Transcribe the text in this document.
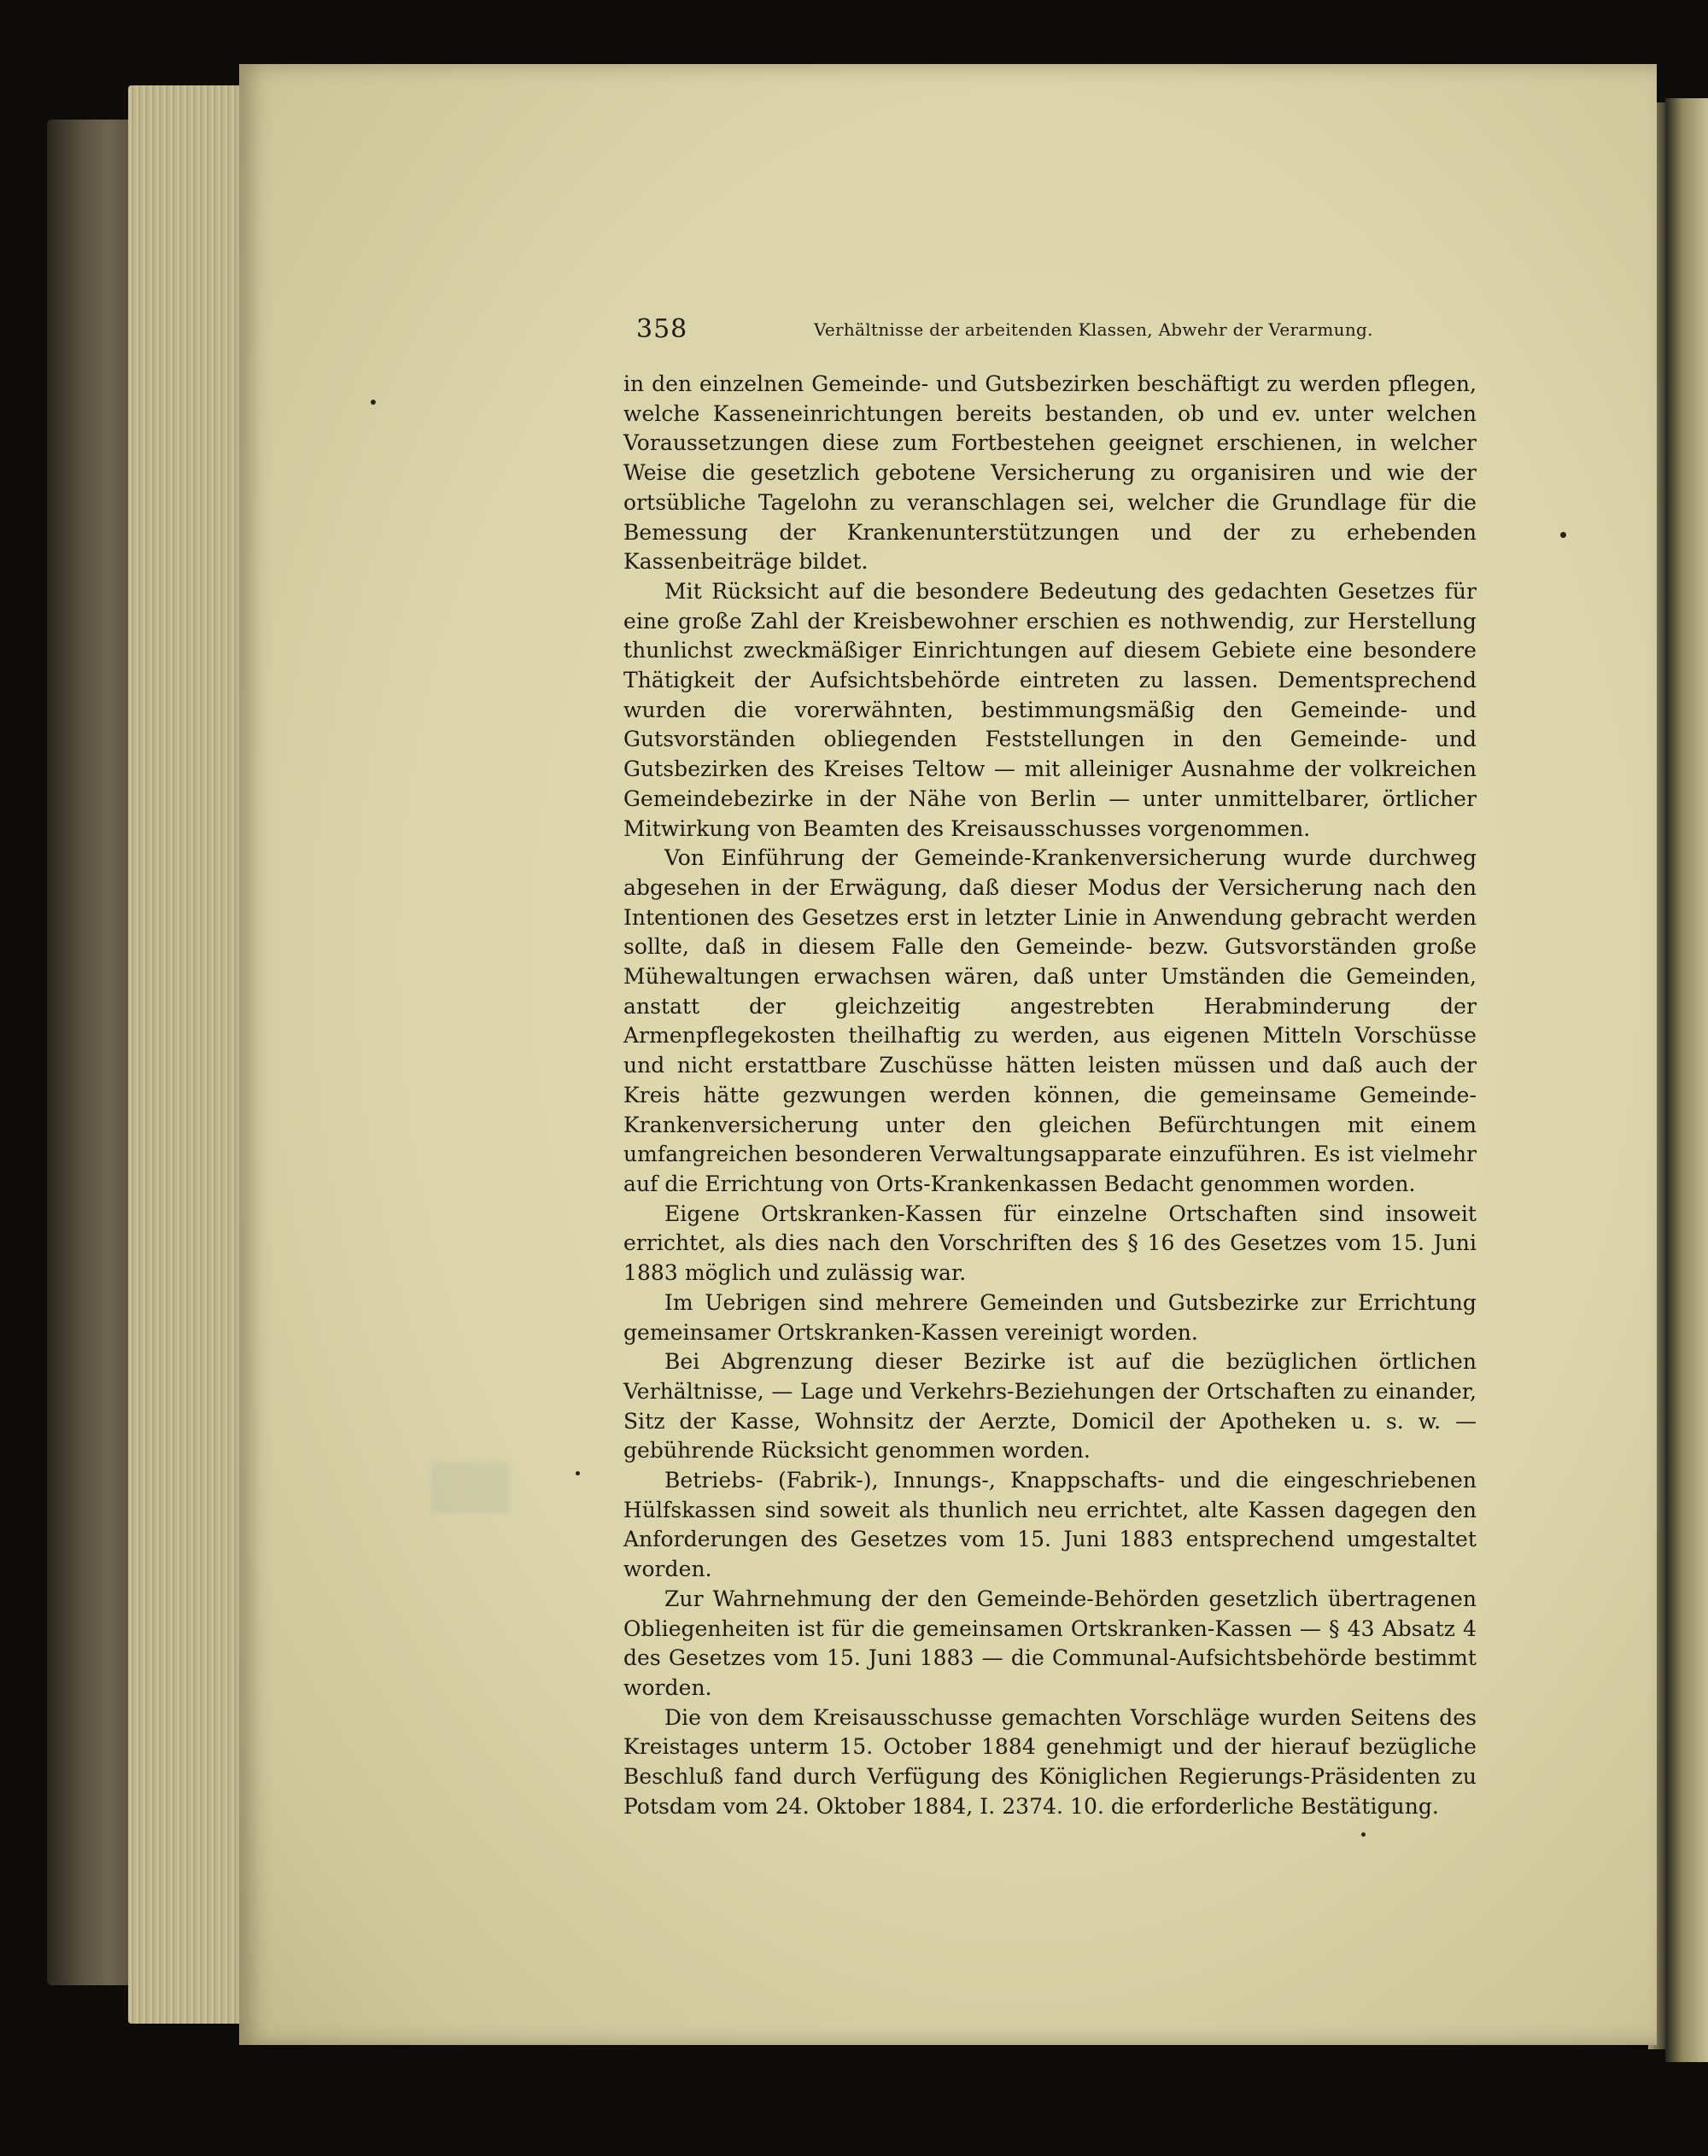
358	Verhältnisse der arbeitenden Klassen, Abwehr der Verarmung.

in den einzelnen Gemeinde- und Gutsbezirken beschäftigt zu werden pflegen, welche Kasseneinrichtungen bereits bestanden, ob und ev. unter welchen Voraussetzungen diese zum Fortbestehen geeignet erschienen, in welcher Weise die gesetzlich gebotene Versicherung zu organisiren und wie der ortsübliche Tagelohn zu veranschlagen sei, welcher die Grundlage für die Bemessung der Krankenunterstützungen und der zu erhebenden Kassenbeiträge bildet.

Mit Rücksicht auf die besondere Bedeutung des gedachten Gesetzes für eine große Zahl der Kreisbewohner erschien es nothwendig, zur Herstellung thunlichst zweckmäßiger Einrichtungen auf diesem Gebiete eine besondere Thätigkeit der Aufsichtsbehörde eintreten zu lassen. Dementsprechend wurden die vorerwähnten, bestimmungsmäßig den Gemeinde- und Gutsvorständen obliegenden Feststellungen in den Gemeinde- und Gutsbezirken des Kreises Teltow — mit alleiniger Ausnahme der volkreichen Gemeindebezirke in der Nähe von Berlin — unter unmittelbarer, örtlicher Mitwirkung von Beamten des Kreisausschusses vorgenommen.

Von Einführung der Gemeinde-Krankenversicherung wurde durchweg abgesehen in der Erwägung, daß dieser Modus der Versicherung nach den Intentionen des Gesetzes erst in letzter Linie in Anwendung gebracht werden sollte, daß in diesem Falle den Gemeinde- bezw. Gutsvorständen große Mühewaltungen erwachsen wären, daß unter Umständen die Gemeinden, anstatt der gleichzeitig angestrebten Herabminderung der Armenpflegekosten theilhaftig zu werden, aus eigenen Mitteln Vorschüsse und nicht erstattbare Zuschüsse hätten leisten müssen und daß auch der Kreis hätte gezwungen werden können, die gemeinsame Gemeinde-Krankenversicherung unter den gleichen Befürchtungen mit einem umfangreichen besonderen Verwaltungsapparate einzuführen. Es ist vielmehr auf die Errichtung von Orts-Krankenkassen Bedacht genommen worden.

Eigene Ortskranken-Kassen für einzelne Ortschaften sind insoweit errichtet, als dies nach den Vorschriften des § 16 des Gesetzes vom 15. Juni 1883 möglich und zulässig war.

Im Uebrigen sind mehrere Gemeinden und Gutsbezirke zur Errichtung gemeinsamer Ortskranken-Kassen vereinigt worden.

Bei Abgrenzung dieser Bezirke ist auf die bezüglichen örtlichen Verhältnisse, — Lage und Verkehrs-Beziehungen der Ortschaften zu einander, Sitz der Kasse, Wohnsitz der Aerzte, Domicil der Apotheken u. s. w. — gebührende Rücksicht genommen worden.

Betriebs- (Fabrik-), Innungs-, Knappschafts- und die eingeschriebenen Hülfskassen sind soweit als thunlich neu errichtet, alte Kassen dagegen den Anforderungen des Gesetzes vom 15. Juni 1883 entsprechend umgestaltet worden.

Zur Wahrnehmung der den Gemeinde-Behörden gesetzlich übertragenen Obliegenheiten ist für die gemeinsamen Ortskranken-Kassen — § 43 Absatz 4 des Gesetzes vom 15. Juni 1883 — die Communal-Aufsichtsbehörde bestimmt worden.

Die von dem Kreisausschusse gemachten Vorschläge wurden Seitens des Kreistages unterm 15. October 1884 genehmigt und der hierauf bezügliche Beschluß fand durch Verfügung des Königlichen Regierungs-Präsidenten zu Potsdam vom 24. Oktober 1884, I. 2374. 10. die erforderliche Bestätigung.
